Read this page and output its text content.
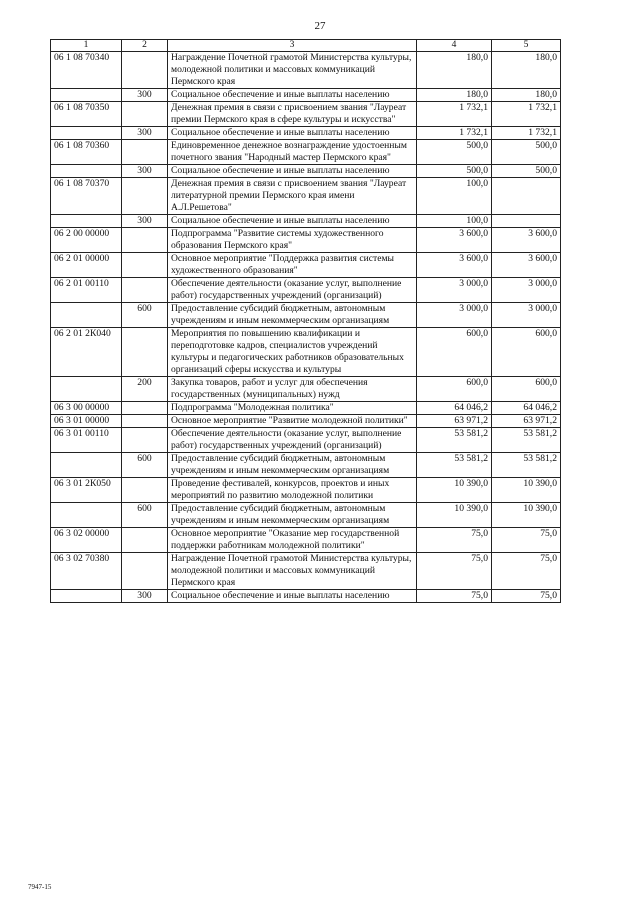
27
1	2	3	4	5
06 1 08 70340		Награждение Почетной грамотой Министерства культуры, молодежной политики и массовых коммуникаций Пермского края	180,0	180,0
	300	Социальное обеспечение и иные выплаты населению	180,0	180,0
06 1 08 70350		Денежная премия в связи с присвоением звания "Лауреат премии Пермского края в сфере культуры и искусства"	1 732,1	1 732,1
	300	Социальное обеспечение и иные выплаты населению	1 732,1	1 732,1
06 1 08 70360		Единовременное денежное вознаграждение удостоенным почетного звания "Народный мастер Пермского края"	500,0	500,0
	300	Социальное обеспечение и иные выплаты населению	500,0	500,0
06 1 08 70370		Денежная премия в связи с присвоением звания "Лауреат литературной премии Пермского края имени А.Л.Решетова"	100,0	
	300	Социальное обеспечение и иные выплаты населению	100,0	
06 2 00 00000		Подпрограмма "Развитие системы художественного образования Пермского края"	3 600,0	3 600,0
06 2 01 00000		Основное мероприятие "Поддержка развития системы художественного образования"	3 600,0	3 600,0
06 2 01 00110		Обеспечение деятельности (оказание услуг, выполнение работ) государственных учреждений (организаций)	3 000,0	3 000,0
	600	Предоставление субсидий бюджетным, автономным учреждениям и иным некоммерческим организациям	3 000,0	3 000,0
06 2 01 2К040		Мероприятия по повышению квалификации и переподготовке кадров, специалистов учреждений культуры и педагогических работников образовательных организаций сферы искусства и культуры	600,0	600,0
	200	Закупка товаров, работ и услуг для обеспечения государственных (муниципальных) нужд	600,0	600,0
06 3 00 00000		Подпрограмма "Молодежная политика"	64 046,2	64 046,2
06 3 01 00000		Основное мероприятие "Развитие молодежной политики"	63 971,2	63 971,2
06 3 01 00110		Обеспечение деятельности (оказание услуг, выполнение работ) государственных учреждений (организаций)	53 581,2	53 581,2
	600	Предоставление субсидий бюджетным, автономным учреждениям и иным некоммерческим организациям	53 581,2	53 581,2
06 3 01 2К050		Проведение фестивалей, конкурсов, проектов и иных мероприятий по развитию молодежной политики	10 390,0	10 390,0
	600	Предоставление субсидий бюджетным, автономным учреждениям и иным некоммерческим организациям	10 390,0	10 390,0
06 3 02 00000		Основное мероприятие "Оказание мер государственной поддержки работникам молодежной политики"	75,0	75,0
06 3 02 70380		Награждение Почетной грамотой Министерства культуры, молодежной политики и массовых коммуникаций Пермского края	75,0	75,0
	300	Социальное обеспечение и иные выплаты населению	75,0	75,0
7947-15
